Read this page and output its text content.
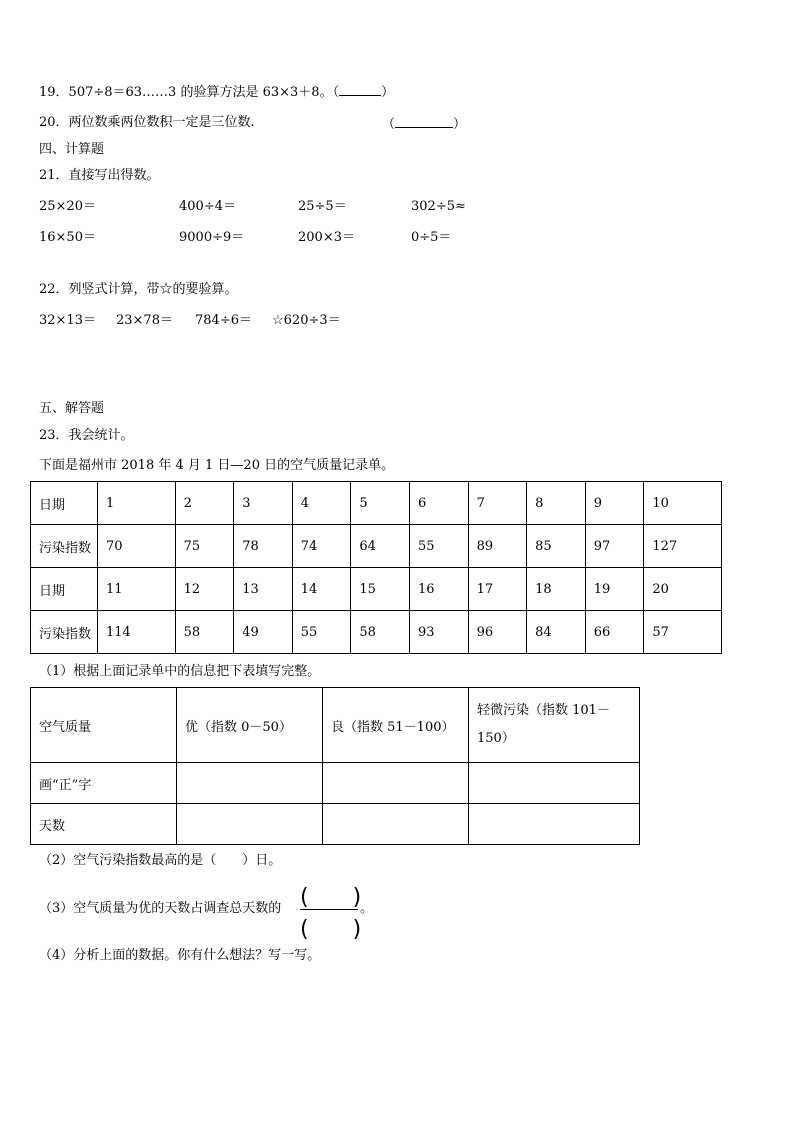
19．507÷8＝63……3 的验算方法是 63×3＋8。（	）
20．两位数乘两位数积一定是三位数.	（	）
四、计算题
21．直接写出得数。
25×20＝	400÷4＝	25÷5＝	302÷5≈
16×50＝	9000÷9＝	200×3＝	0÷5＝
22．列竖式计算，带☆的要验算。
32×13＝ 23×78＝ 784÷6＝ ☆620÷3＝
五、解答题
23．我会统计。
下面是福州市 2018 年 4 月 1 日—20 日的空气质量记录单。
日期	1	2	3	4	5	6	7	8	9	10
污染指数	70	75	78	74	64	55	89	85	97	127
日期	11	12	13	14	15	16	17	18	19	20
污染指数	114	58	49	55	58	93	96	84	66	57
（1）根据上面记录单中的信息把下表填写完整。
空气质量	优（指数 0－50）	良（指数 51－100）	轻微污染（指数 101－
150）

画“正”字			
天数			
（2）空气污染指数最高的是（　　）日。
（3）空气质量为优的天数占调查总天数的 (　　)
(　　)
。
（4）分析上面的数据。你有什么想法？写一写。
